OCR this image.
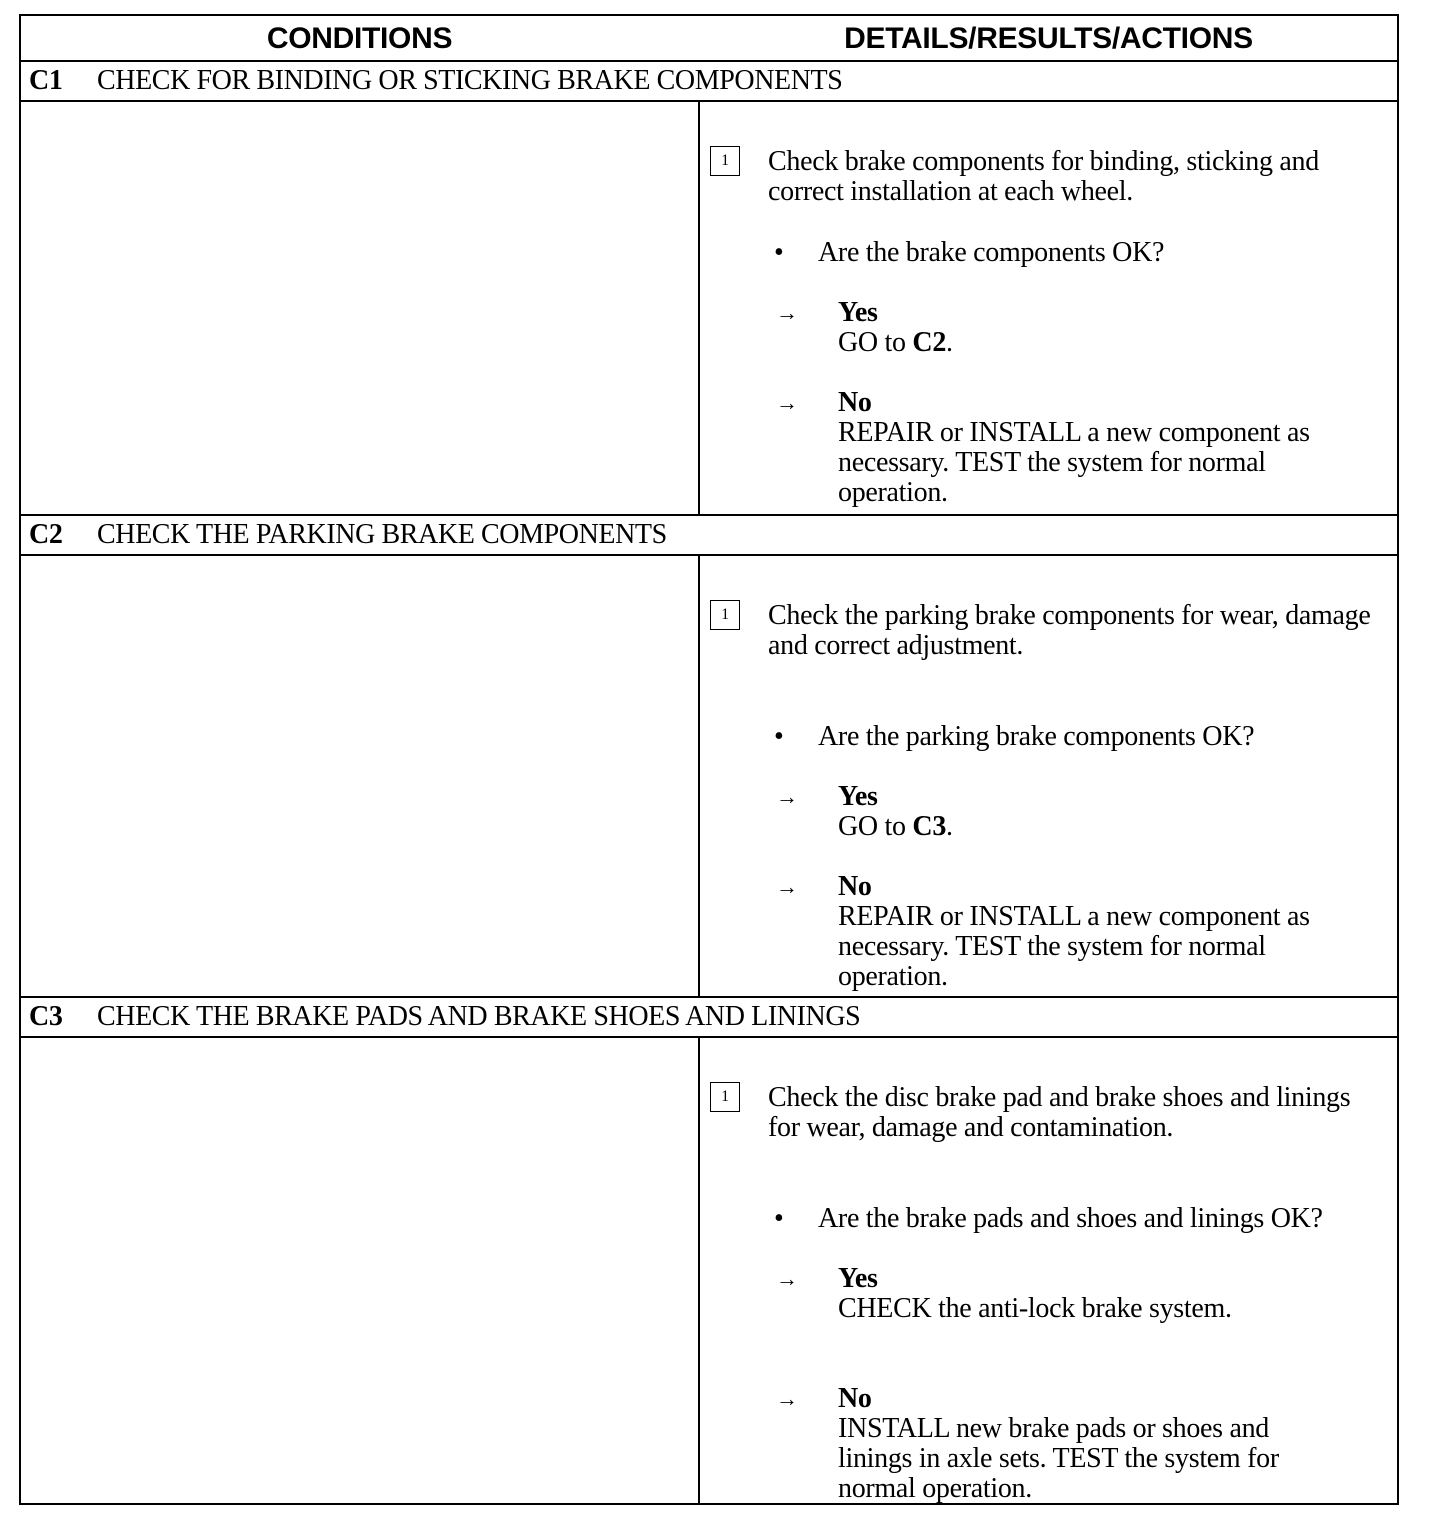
CONDITIONS	DETAILS/RESULTS/ACTIONS
C1	CHECK FOR BINDING OR STICKING BRAKE COMPONENTS
1	Check brake components for binding, sticking and correct installation at each wheel.
• Are the brake components OK?
→ Yes
GO to C2.
→ No
REPAIR or INSTALL a new component as necessary. TEST the system for normal operation.
C2	CHECK THE PARKING BRAKE COMPONENTS
1	Check the parking brake components for wear, damage and correct adjustment.
• Are the parking brake components OK?
→ Yes
GO to C3.
→ No
REPAIR or INSTALL a new component as necessary. TEST the system for normal operation.
C3	CHECK THE BRAKE PADS AND BRAKE SHOES AND LININGS
1	Check the disc brake pad and brake shoes and linings for wear, damage and contamination.
• Are the brake pads and shoes and linings OK?
→ Yes
CHECK the anti-lock brake system.
→ No
INSTALL new brake pads or shoes and linings in axle sets. TEST the system for normal operation.
